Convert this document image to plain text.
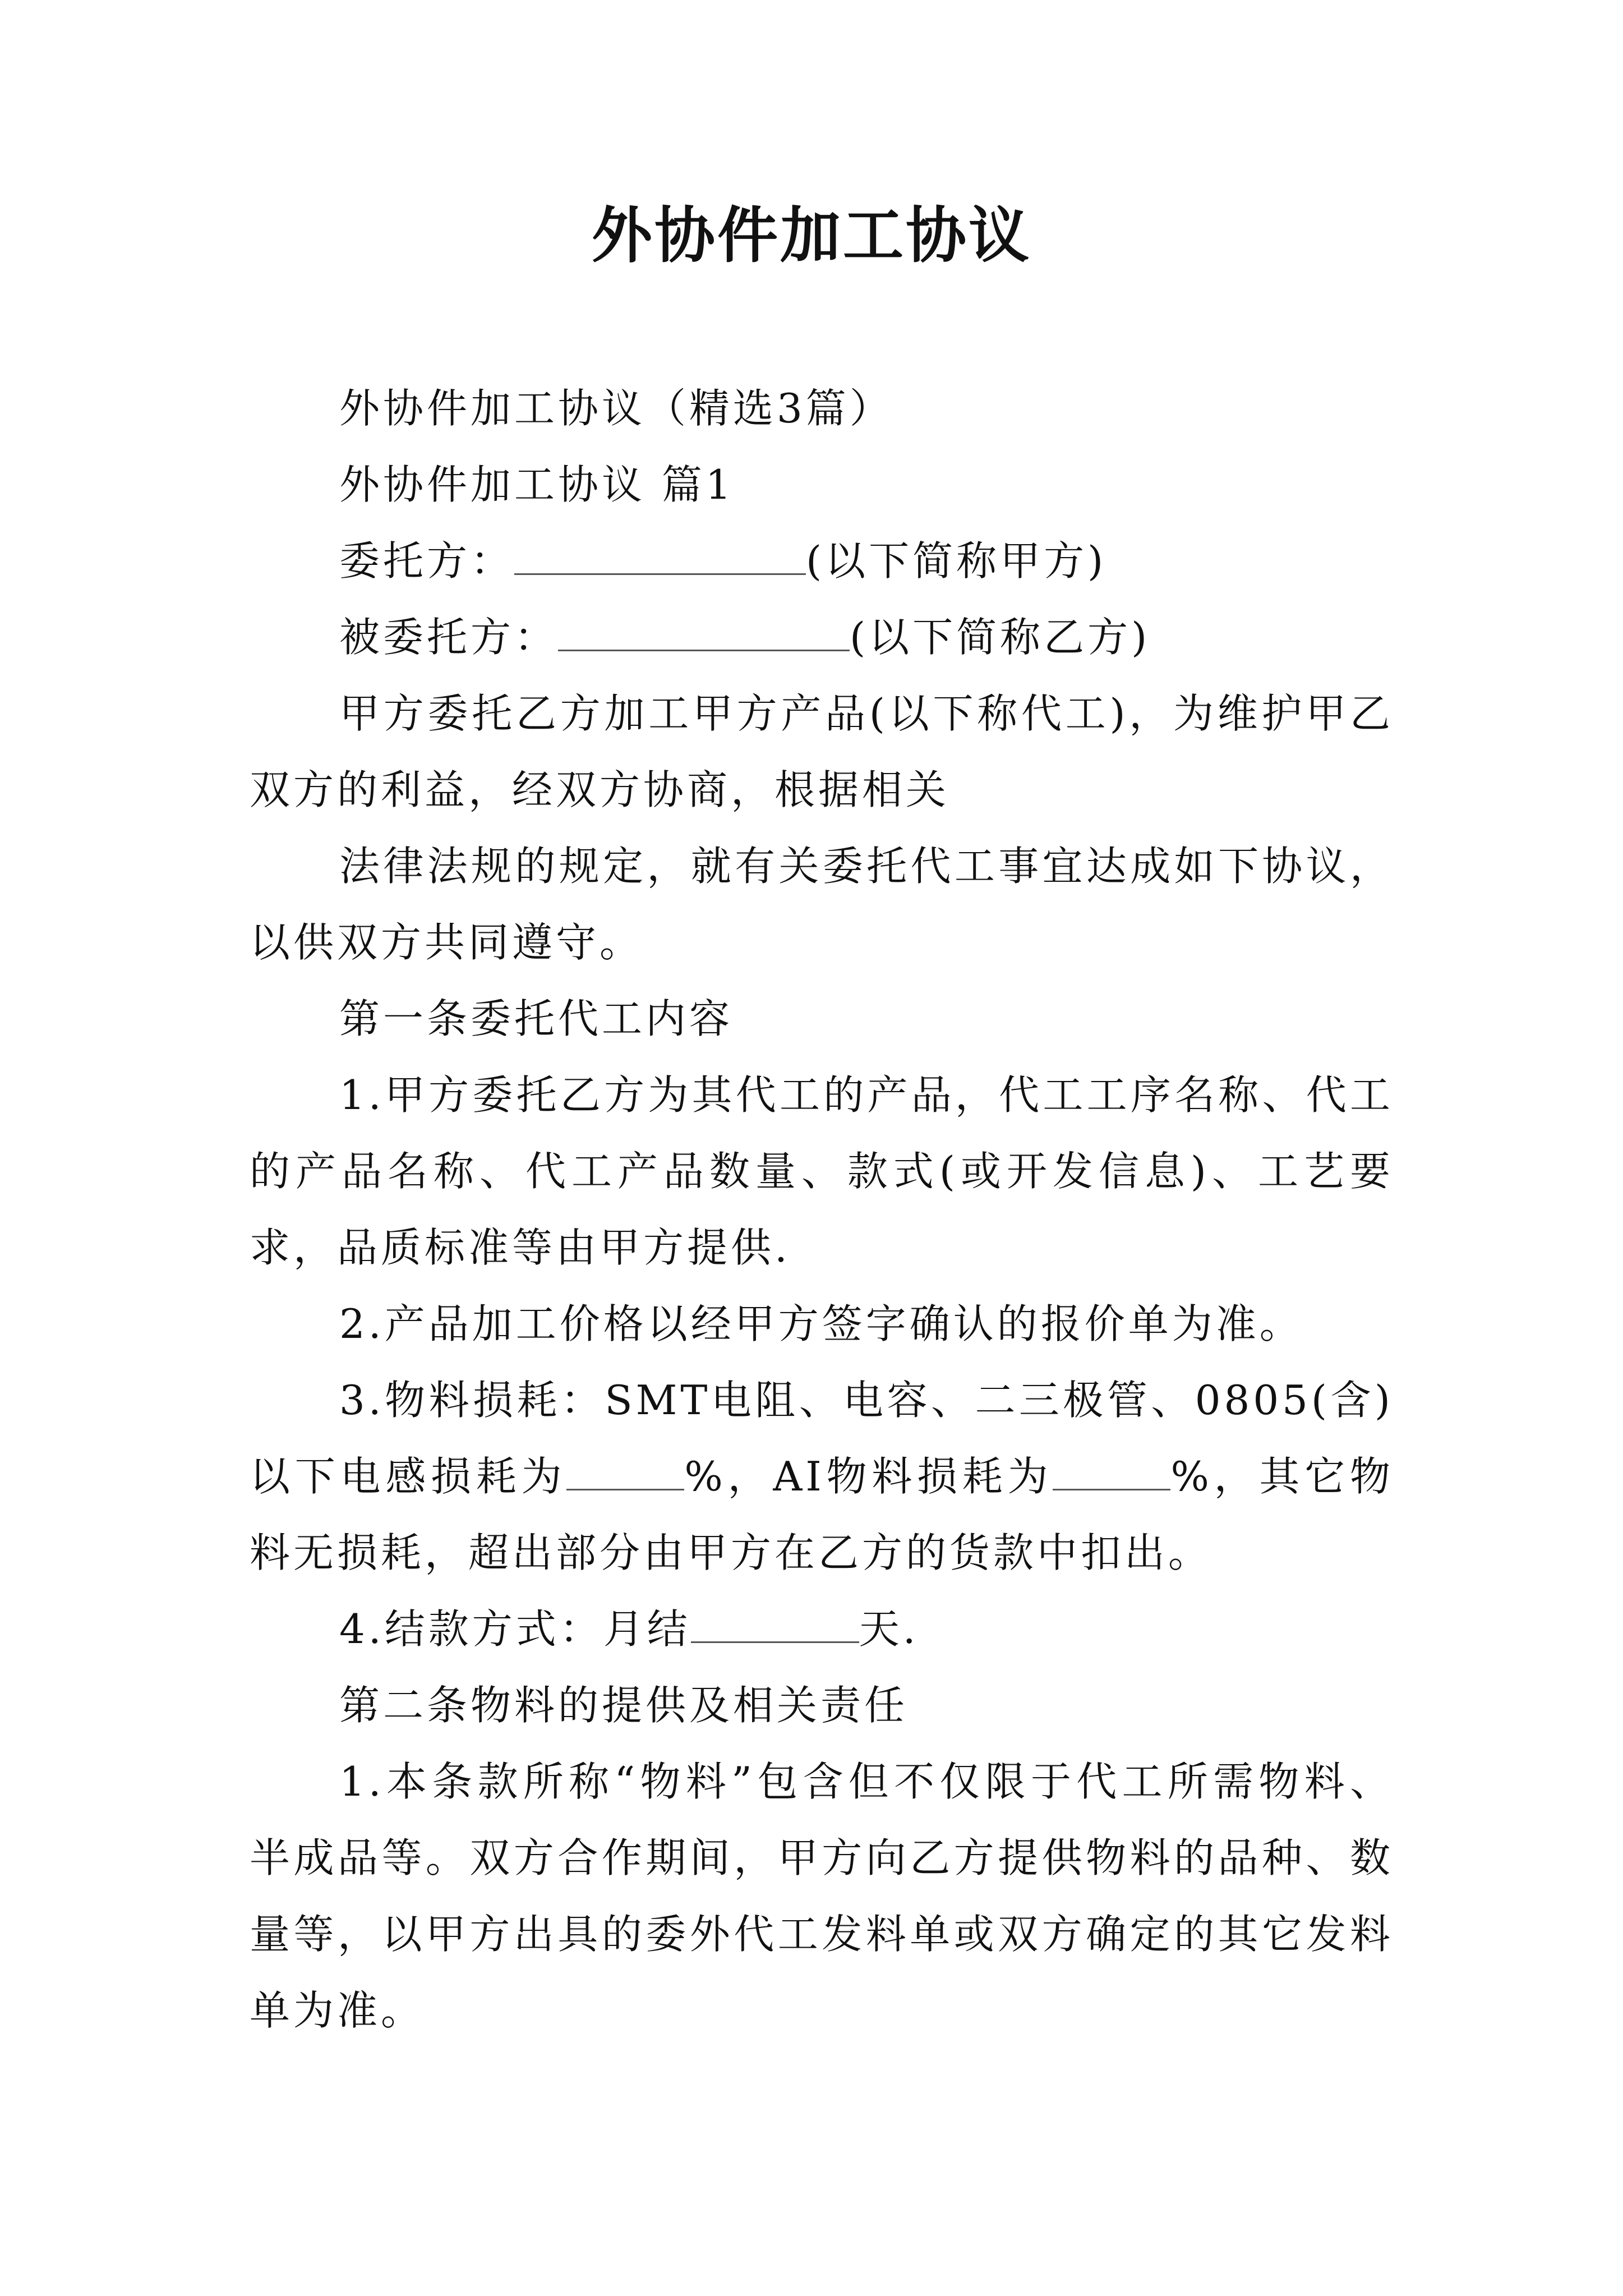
外协件加工协议

外协件加工协议（精选3篇）

外协件加工协议 篇1

委托方：	(以下简称甲方)

被委托方：	(以下简称乙方)

甲方委托乙方加工甲方产品(以下称代工)，为维护甲乙双方的利益，经双方协商，根据相关

法律法规的规定，就有关委托代工事宜达成如下协议，以供双方共同遵守。

第一条委托代工内容

1.甲方委托乙方为其代工的产品，代工工序名称、代工的产品名称、代工产品数量、款式(或开发信息)、工艺要求，品质标准等由甲方提供.

2.产品加工价格以经甲方签字确认的报价单为准。

3.物料损耗：SMT电阻、电容、二三极管、0805(含)以下电感损耗为	%，AI物料损耗为	%，其它物料无损耗，超出部分由甲方在乙方的货款中扣出。

4.结款方式：月结	天.

第二条物料的提供及相关责任

1.本条款所称“物料”包含但不仅限于代工所需物料、半成品等。双方合作期间，甲方向乙方提供物料的品种、数量等，以甲方出具的委外代工发料单或双方确定的其它发料单为准。
